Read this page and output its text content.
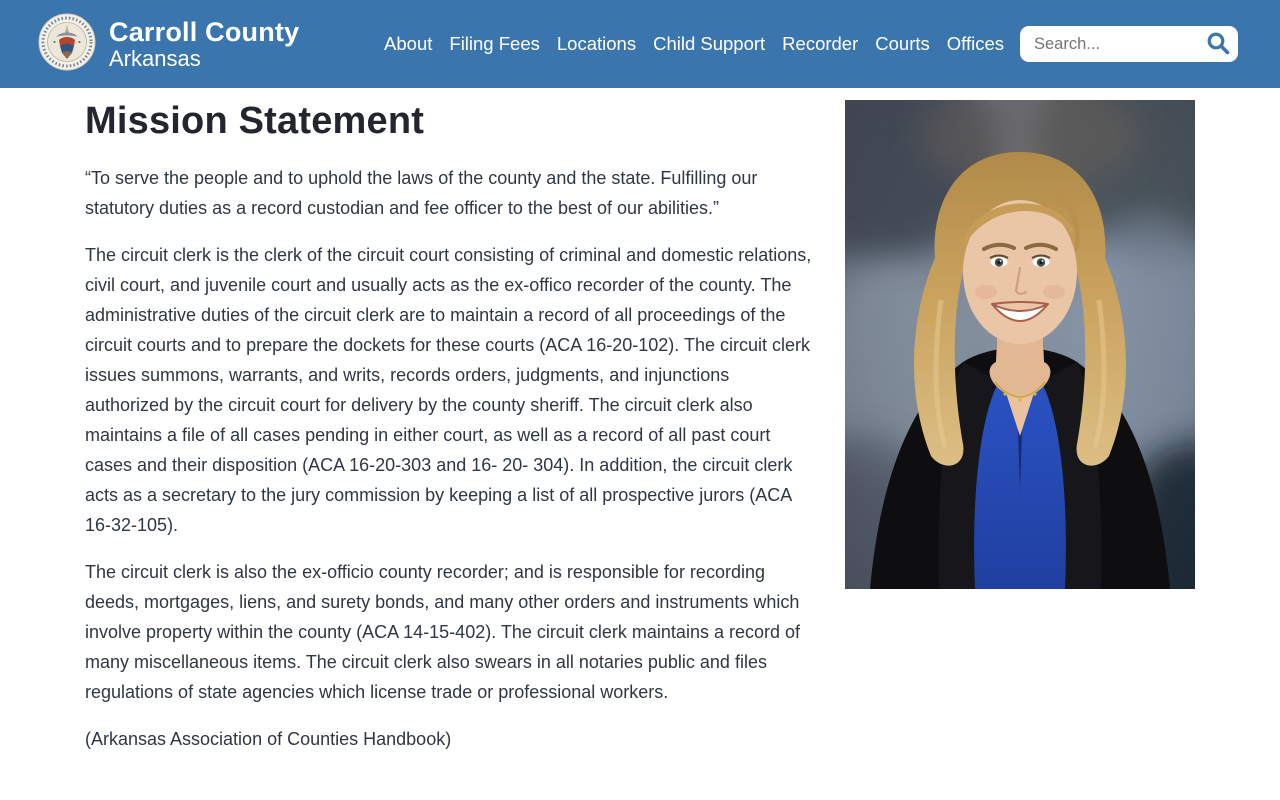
Carroll County
Arkansas
About Filing Fees Locations Child Support Recorder Courts Offices
Search...
Mission Statement

“To serve the people and to uphold the laws of the county and the state. Fulfilling our statutory duties as a record custodian and fee officer to the best of our abilities.”

The circuit clerk is the clerk of the circuit court consisting of criminal and domestic relations, civil court, and juvenile court and usually acts as the ex-offico recorder of the county. The administrative duties of the circuit clerk are to maintain a record of all proceedings of the circuit courts and to prepare the dockets for these courts (ACA 16-20-102). The circuit clerk issues summons, warrants, and writs, records orders, judgments, and injunctions authorized by the circuit court for delivery by the county sheriff. The circuit clerk also maintains a file of all cases pending in either court, as well as a record of all past court cases and their disposition (ACA 16-20-303 and 16- 20- 304). In addition, the circuit clerk acts as a secretary to the jury commission by keeping a list of all prospective jurors (ACA 16-32-105).

The circuit clerk is also the ex-officio county recorder; and is responsible for recording deeds, mortgages, liens, and surety bonds, and many other orders and instruments which involve property within the county (ACA 14-15-402). The circuit clerk maintains a record of many miscellaneous items. The circuit clerk also swears in all notaries public and files regulations of state agencies which license trade or professional workers.

(Arkansas Association of Counties Handbook)
